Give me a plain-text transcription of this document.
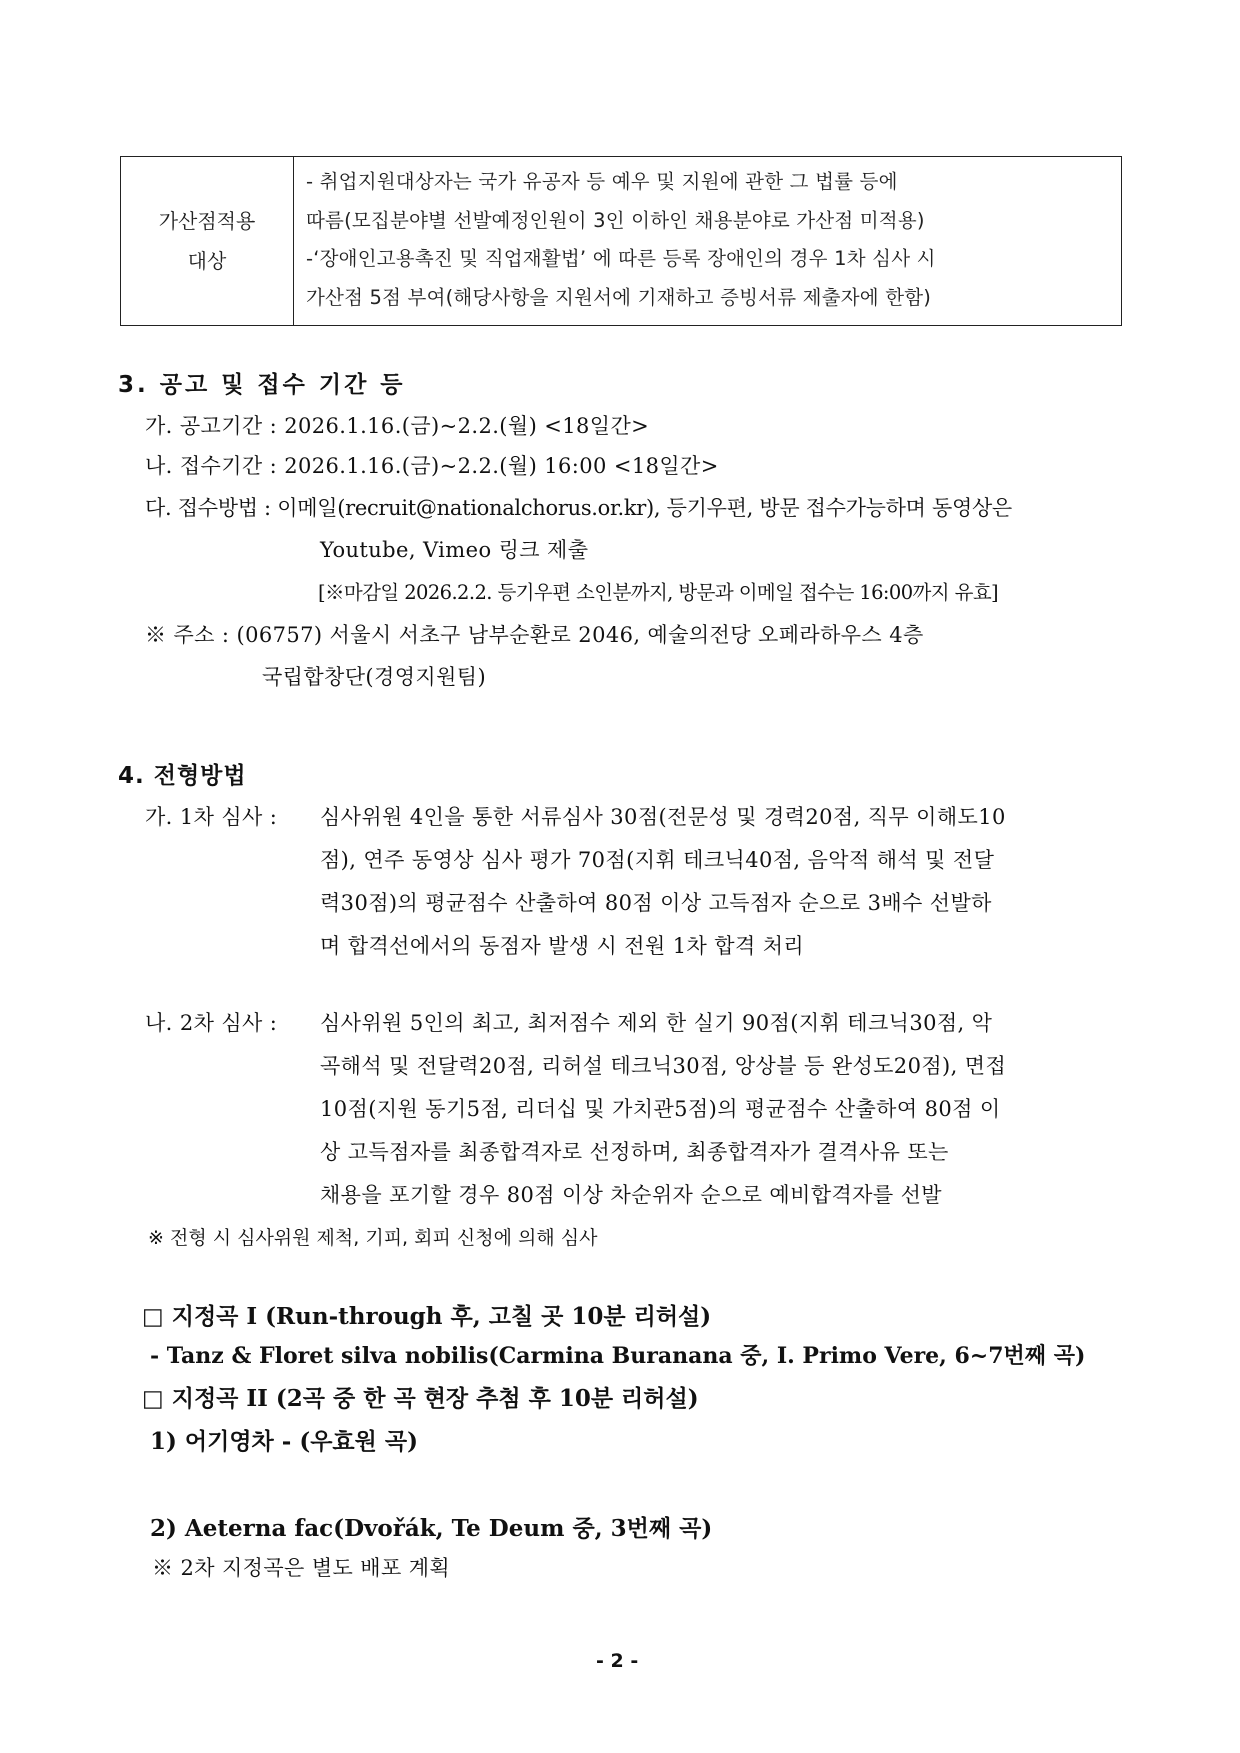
가산점적용
대상
- 취업지원대상자는 국가 유공자 등 예우 및 지원에 관한 그 법률 등에
따름(모집분야별 선발예정인원이 3인 이하인 채용분야로 가산점 미적용)
-‘장애인고용촉진 및 직업재활법’ 에 따른 등록 장애인의 경우 1차 심사 시
가산점 5점 부여(해당사항을 지원서에 기재하고 증빙서류 제출자에 한함)
3. 공고 및 접수 기간 등
가. 공고기간 : 2026.1.16.(금)~2.2.(월) <18일간>
나. 접수기간 : 2026.1.16.(금)~2.2.(월) 16:00 <18일간>
다. 접수방법 : 이메일(recruit@nationalchorus.or.kr), 등기우편, 방문 접수가능하며 동영상은
Youtube, Vimeo 링크 제출
[※마감일 2026.2.2. 등기우편 소인분까지, 방문과 이메일 접수는 16:00까지 유효]
※ 주소 : (06757) 서울시 서초구 남부순환로 2046, 예술의전당 오페라하우스 4층
국립합창단(경영지원팀)
4. 전형방법
가. 1차 심사 : 심사위원 4인을 통한 서류심사 30점(전문성 및 경력20점, 직무 이해도10
점), 연주 동영상 심사 평가 70점(지휘 테크닉40점, 음악적 해석 및 전달
력30점)의 평균점수 산출하여 80점 이상 고득점자 순으로 3배수 선발하
며 합격선에서의 동점자 발생 시 전원 1차 합격 처리
나. 2차 심사 : 심사위원 5인의 최고, 최저점수 제외 한 실기 90점(지휘 테크닉30점, 악
곡해석 및 전달력20점, 리허설 테크닉30점, 앙상블 등 완성도20점), 면접
10점(지원 동기5점, 리더십 및 가치관5점)의 평균점수 산출하여 80점 이
상 고득점자를 최종합격자로 선정하며, 최종합격자가 결격사유 또는
채용을 포기할 경우 80점 이상 차순위자 순으로 예비합격자를 선발
※ 전형 시 심사위원 제척, 기피, 회피 신청에 의해 심사
□ 지정곡 I (Run-through 후, 고칠 곳 10분 리허설)
- Tanz & Floret silva nobilis(Carmina Buranana 중, I. Primo Vere, 6~7번째 곡)
□ 지정곡 II (2곡 중 한 곡 현장 추첨 후 10분 리허설)
1) 어기영차 - (우효원 곡)
2) Aeterna fac(Dvořák, Te Deum 중, 3번째 곡)
※ 2차 지정곡은 별도 배포 계획
- 2 -
